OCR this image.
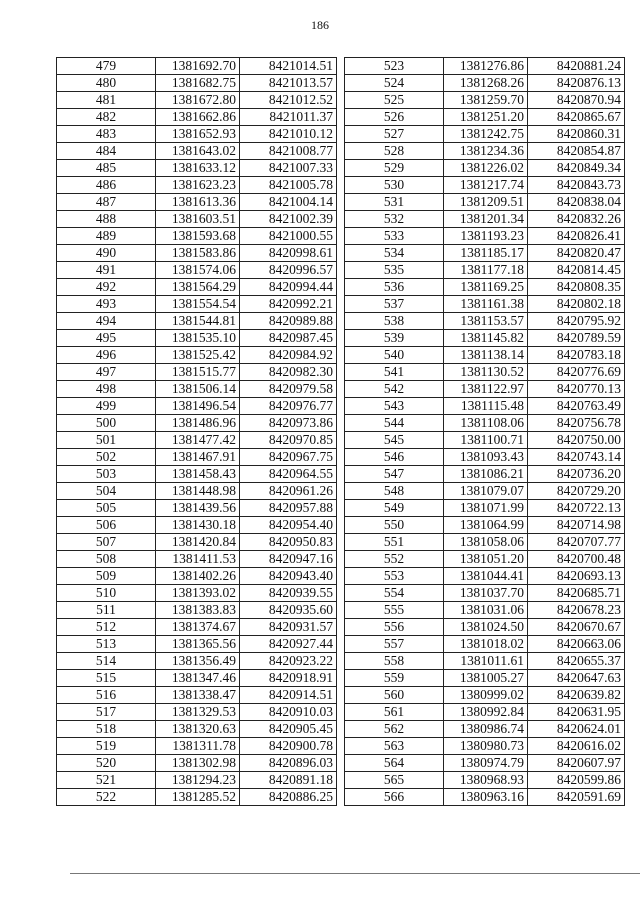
186
479	1381692.70	8421014.51
480	1381682.75	8421013.57
481	1381672.80	8421012.52
482	1381662.86	8421011.37
483	1381652.93	8421010.12
484	1381643.02	8421008.77
485	1381633.12	8421007.33
486	1381623.23	8421005.78
487	1381613.36	8421004.14
488	1381603.51	8421002.39
489	1381593.68	8421000.55
490	1381583.86	8420998.61
491	1381574.06	8420996.57
492	1381564.29	8420994.44
493	1381554.54	8420992.21
494	1381544.81	8420989.88
495	1381535.10	8420987.45
496	1381525.42	8420984.92
497	1381515.77	8420982.30
498	1381506.14	8420979.58
499	1381496.54	8420976.77
500	1381486.96	8420973.86
501	1381477.42	8420970.85
502	1381467.91	8420967.75
503	1381458.43	8420964.55
504	1381448.98	8420961.26
505	1381439.56	8420957.88
506	1381430.18	8420954.40
507	1381420.84	8420950.83
508	1381411.53	8420947.16
509	1381402.26	8420943.40
510	1381393.02	8420939.55
511	1381383.83	8420935.60
512	1381374.67	8420931.57
513	1381365.56	8420927.44
514	1381356.49	8420923.22
515	1381347.46	8420918.91
516	1381338.47	8420914.51
517	1381329.53	8420910.03
518	1381320.63	8420905.45
519	1381311.78	8420900.78
520	1381302.98	8420896.03
521	1381294.23	8420891.18
522	1381285.52	8420886.25
523	1381276.86	8420881.24
524	1381268.26	8420876.13
525	1381259.70	8420870.94
526	1381251.20	8420865.67
527	1381242.75	8420860.31
528	1381234.36	8420854.87
529	1381226.02	8420849.34
530	1381217.74	8420843.73
531	1381209.51	8420838.04
532	1381201.34	8420832.26
533	1381193.23	8420826.41
534	1381185.17	8420820.47
535	1381177.18	8420814.45
536	1381169.25	8420808.35
537	1381161.38	8420802.18
538	1381153.57	8420795.92
539	1381145.82	8420789.59
540	1381138.14	8420783.18
541	1381130.52	8420776.69
542	1381122.97	8420770.13
543	1381115.48	8420763.49
544	1381108.06	8420756.78
545	1381100.71	8420750.00
546	1381093.43	8420743.14
547	1381086.21	8420736.20
548	1381079.07	8420729.20
549	1381071.99	8420722.13
550	1381064.99	8420714.98
551	1381058.06	8420707.77
552	1381051.20	8420700.48
553	1381044.41	8420693.13
554	1381037.70	8420685.71
555	1381031.06	8420678.23
556	1381024.50	8420670.67
557	1381018.02	8420663.06
558	1381011.61	8420655.37
559	1381005.27	8420647.63
560	1380999.02	8420639.82
561	1380992.84	8420631.95
562	1380986.74	8420624.01
563	1380980.73	8420616.02
564	1380974.79	8420607.97
565	1380968.93	8420599.86
566	1380963.16	8420591.69
